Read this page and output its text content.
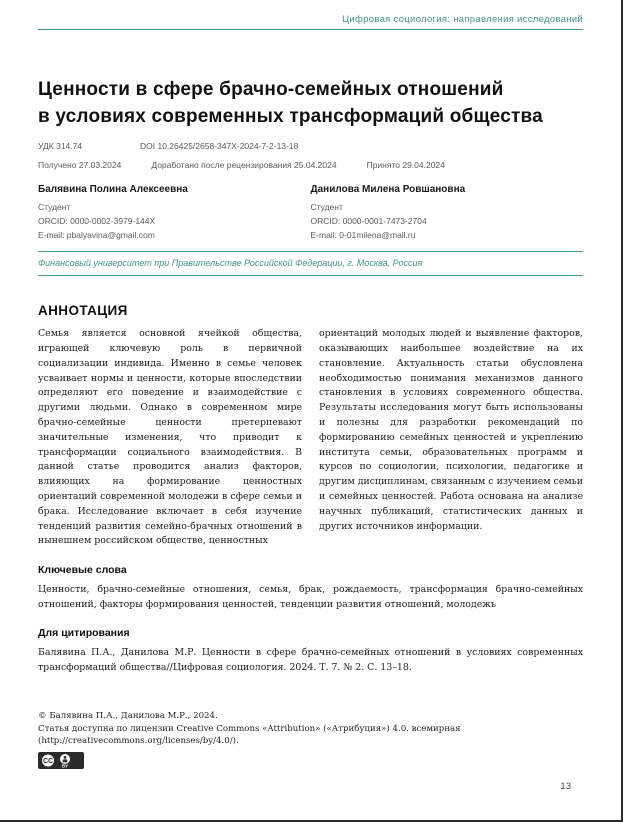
Цифровая социология: направления исследований
Ценности в сфере брачно-семейных отношений
в условиях современных трансформаций общества
УДК 314.74	DOI 10.26425/2658-347X-2024-7-2-13-18
Получено 27.03.2024	Доработано после рецензирования 25.04.2024	Принято 29.04.2024
Балявина Полина Алексеевна
Студент
ORCID: 0000-0002-3979-144X
E-mail: pbalyavina@gmail.com
Данилова Милена Ровшановна
Студент
ORCID: 0000-0001-7473-2704
E-mail: 0-01milena@mail.ru
Финансовый университет при Правительстве Российской Федерации, г. Москва, Россия
АННОТАЦИЯ
Семья является основной ячейкой общества, играющей ключевую роль в первичной социализации индивида. Именно в семье человек усваивает нормы и ценности, которые впоследствии определяют его поведение и взаимодействие с другими людьми. Однако в современном мире брачно-семейные ценности претерпевают значительные изменения, что приводит к трансформации социального взаимодействия. В данной статье проводится анализ факторов, влияющих на формирование ценностных ориентаций современной молодежи в сфере семьи и брака. Исследование включает в себя изучение тенденций развития семейно-брачных отношений в нынешнем российском обществе, ценностных
ориентаций молодых людей и выявление факторов, оказывающих наибольшее воздействие на их становление. Актуальность статьи обусловлена необходимостью понимания механизмов данного становления в условиях современного общества. Результаты исследования могут быть использованы и полезны для разработки рекомендаций по формированию семейных ценностей и укреплению института семьи, образовательных программ и курсов по социологии, психологии, педагогике и другим дисциплинам, связанным с изучением семьи и семейных ценностей. Работа основана на анализе научных публикаций, статистических данных и других источников информации.
Ключевые слова
Ценности, брачно-семейные отношения, семья, брак, рождаемость, трансформация брачно-семейных отношений, факторы формирования ценностей, тенденции развития отношений, молодежь
Для цитирования
Балявина П.А., Данилова М.Р. Ценности в сфере брачно-семейных отношений в условиях современных трансформаций общества//Цифровая социология. 2024. Т. 7. № 2. С. 13–18.
© Балявина П.А., Данилова М.Р., 2024.
Статья доступна по лицензии Creative Commons «Attribution» («Атрибуция») 4.0. всемирная
(http://creativecommons.org/licenses/by/4.0/).
CC
BY
13
